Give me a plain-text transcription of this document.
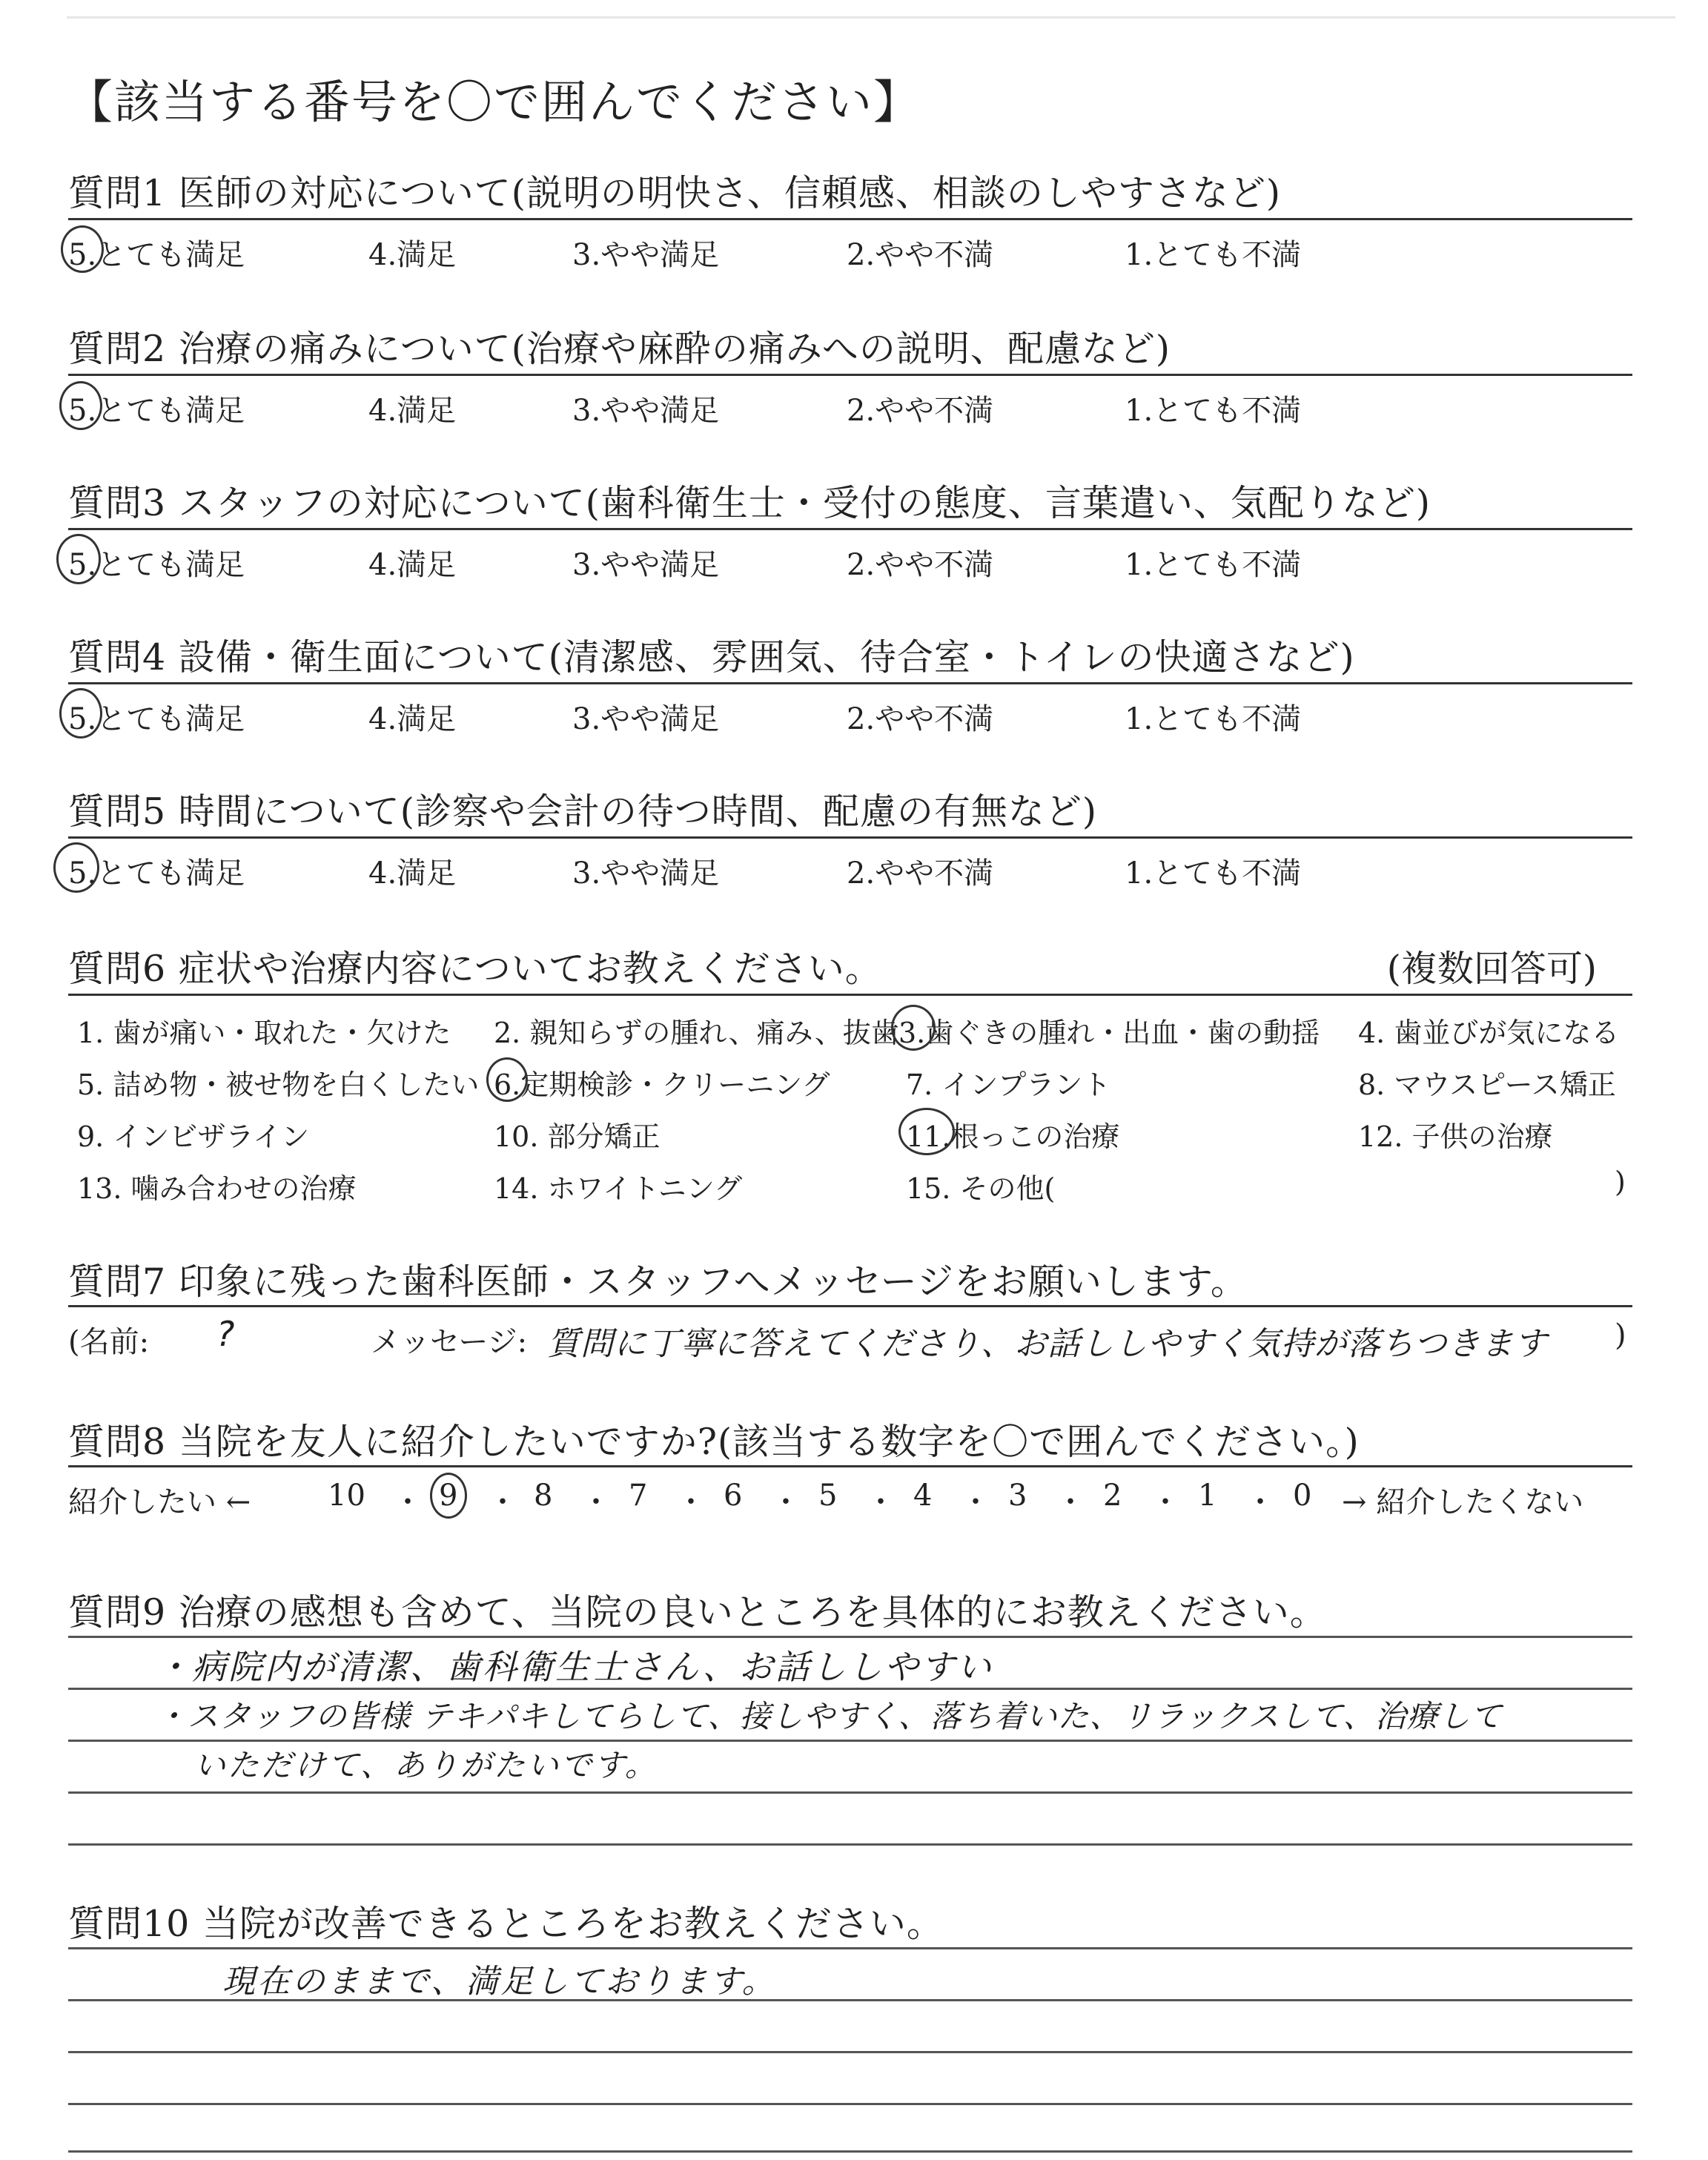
【該当する番号を〇で囲んでください】
質問1 医師の対応について(説明の明快さ、信頼感、相談のしやすさなど)
5.とても満足	4.満足	3.やや満足	2.やや不満	1.とても不満
質問2 治療の痛みについて(治療や麻酔の痛みへの説明、配慮など)
5.とても満足	4.満足	3.やや満足	2.やや不満	1.とても不満
質問3 スタッフの対応について(歯科衛生士・受付の態度、言葉遣い、気配りなど)
5.とても満足	4.満足	3.やや満足	2.やや不満	1.とても不満
質問4 設備・衛生面について(清潔感、雰囲気、待合室・トイレの快適さなど)
5.とても満足	4.満足	3.やや満足	2.やや不満	1.とても不満
質問5 時間について(診察や会計の待つ時間、配慮の有無など)
5.とても満足	4.満足	3.やや満足	2.やや不満	1.とても不満
質問6 症状や治療内容についてお教えください。	(複数回答可)
1. 歯が痛い・取れた・欠けた 2. 親知らずの腫れ、痛み、抜歯 3.歯ぐきの腫れ・出血・歯の動揺 4. 歯並びが気になる
5. 詰め物・被せ物を白くしたい 6.定期検診・クリーニング	7. インプラント	8. マウスピース矯正
9. インビザライン	10. 部分矯正	11.根っこの治療	12. 子供の治療
13. 噛み合わせの治療	14. ホワイトニング	15. その他(	)
質問7 印象に残った歯科医師・スタッフへメッセージをお願いします。
(名前: ?	メッセージ: 質問に丁寧に答えてくださり、お話ししやすく気持が落ちつきます )
質問8 当院を友人に紹介したいですか?(該当する数字を〇で囲んでください。)
紹介したい ←	10 ・ 9 ・ 8 ・ 7 ・ 6 ・ 5 ・ 4 ・ 3 ・ 2 ・ 1 ・ 0 → 紹介したくない
質問9 治療の感想も含めて、当院の良いところを具体的にお教えください。
・病院内が清潔、歯科衛生士さん、お話ししやすい
・スタッフの皆様 テキパキしてらして、接しやすく、落ち着いた、リラックスして、治療して
いただけて、ありがたいです。
質問10 当院が改善できるところをお教えください。
現在のままで、満足しております。
